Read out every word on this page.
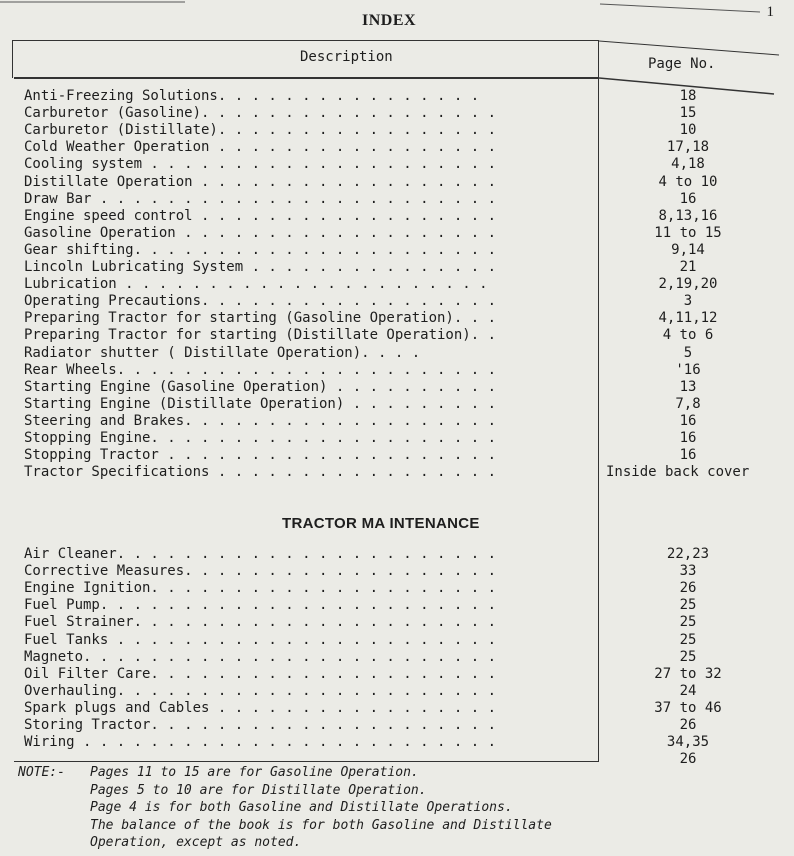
1
INDEX
Description	Page No.
Anti-Freezing Solutions. . . . . . . . . . . . . . . .	18
Carburetor (Gasoline). . . . . . . . . . . . . . . . . .	15
Carburetor (Distillate). . . . . . . . . . . . . . . . .	10
Cold Weather Operation . . . . . . . . . . . . . . . . .	17,18
Cooling system . . . . . . . . . . . . . . . . . . . . .	4,18
Distillate Operation . . . . . . . . . . . . . . . . . .	4 to 10
Draw Bar . . . . . . . . . . . . . . . . . . . . . . . .	16
Engine speed control . . . . . . . . . . . . . . . . . .	8,13,16
Gasoline Operation . . . . . . . . . . . . . . . . . . .	11 to 15
Gear shifting. . . . . . . . . . . . . . . . . . . . . .	9,14
Lincoln Lubricating System . . . . . . . . . . . . . . .	21
Lubrication . . . . . . . . . . . . . . . . . . . . . .	2,19,20
Operating Precautions. . . . . . . . . . . . . . . . . .	3
Preparing Tractor for starting (Gasoline Operation). . .	4,11,12
Preparing Tractor for starting (Distillate Operation). .	4 to 6
Radiator shutter ( Distillate Operation). . . .	5
Rear Wheels. . . . . . . . . . . . . . . . . . . . . . .	'16
Starting Engine (Gasoline Operation) . . . . . . . . . .	13
Starting Engine (Distillate Operation) . . . . . . . . .	7,8
Steering and Brakes. . . . . . . . . . . . . . . . . . .	16
Stopping Engine. . . . . . . . . . . . . . . . . . . . .	16
Stopping Tractor . . . . . . . . . . . . . . . . . . . .	16
Tractor Specifications . . . . . . . . . . . . . . . . .	Inside back cover
TRACTOR MA INTENANCE
Air Cleaner. . . . . . . . . . . . . . . . . . . . . . .	22,23
Corrective Measures. . . . . . . . . . . . . . . . . . .	33
Engine Ignition. . . . . . . . . . . . . . . . . . . . .	26
Fuel Pump. . . . . . . . . . . . . . . . . . . . . . . .	25
Fuel Strainer. . . . . . . . . . . . . . . . . . . . . .	25
Fuel Tanks . . . . . . . . . . . . . . . . . . . . . . .	25
Magneto. . . . . . . . . . . . . . . . . . . . . . . . .	25
Oil Filter Care. . . . . . . . . . . . . . . . . . . . .	27 to 32
Overhauling. . . . . . . . . . . . . . . . . . . . . . .	24
Spark plugs and Cables . . . . . . . . . . . . . . . . .	37 to 46
Storing Tractor. . . . . . . . . . . . . . . . . . . . .	26
Wiring . . . . . . . . . . . . . . . . . . . . . . . . .	34,35
26
NOTE:- Pages 11 to 15 are for Gasoline Operation.
Pages 5 to 10 are for Distillate Operation.
Page 4 is for both Gasoline and Distillate Operations.
The balance of the book is for both Gasoline and Distillate
Operation, except as noted.
